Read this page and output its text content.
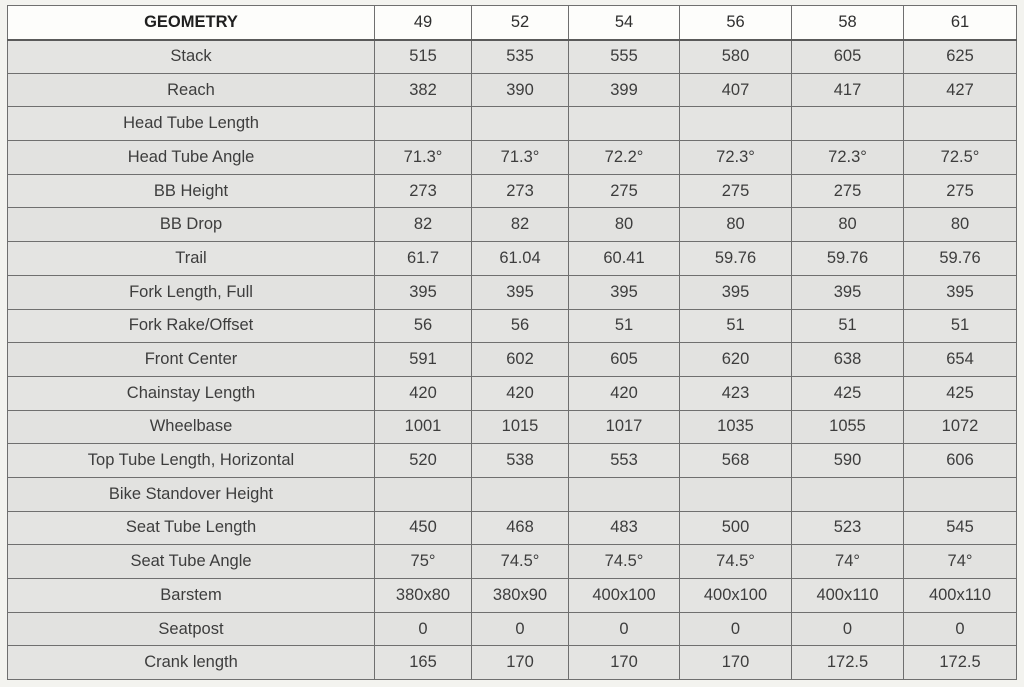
GEOMETRY	49	52	54	56	58	61
Stack	515	535	555	580	605	625
Reach	382	390	399	407	417	427
Head Tube Length						
Head Tube Angle	71.3°	71.3°	72.2°	72.3°	72.3°	72.5°
BB Height	273	273	275	275	275	275
BB Drop	82	82	80	80	80	80
Trail	61.7	61.04	60.41	59.76	59.76	59.76
Fork Length, Full	395	395	395	395	395	395
Fork Rake/Offset	56	56	51	51	51	51
Front Center	591	602	605	620	638	654
Chainstay Length	420	420	420	423	425	425
Wheelbase	1001	1015	1017	1035	1055	1072
Top Tube Length, Horizontal	520	538	553	568	590	606
Bike Standover Height						
Seat Tube Length	450	468	483	500	523	545
Seat Tube Angle	75°	74.5°	74.5°	74.5°	74°	74°
Barstem	380x80	380x90	400x100	400x100	400x110	400x110
Seatpost	0	0	0	0	0	0
Crank length	165	170	170	170	172.5	172.5
